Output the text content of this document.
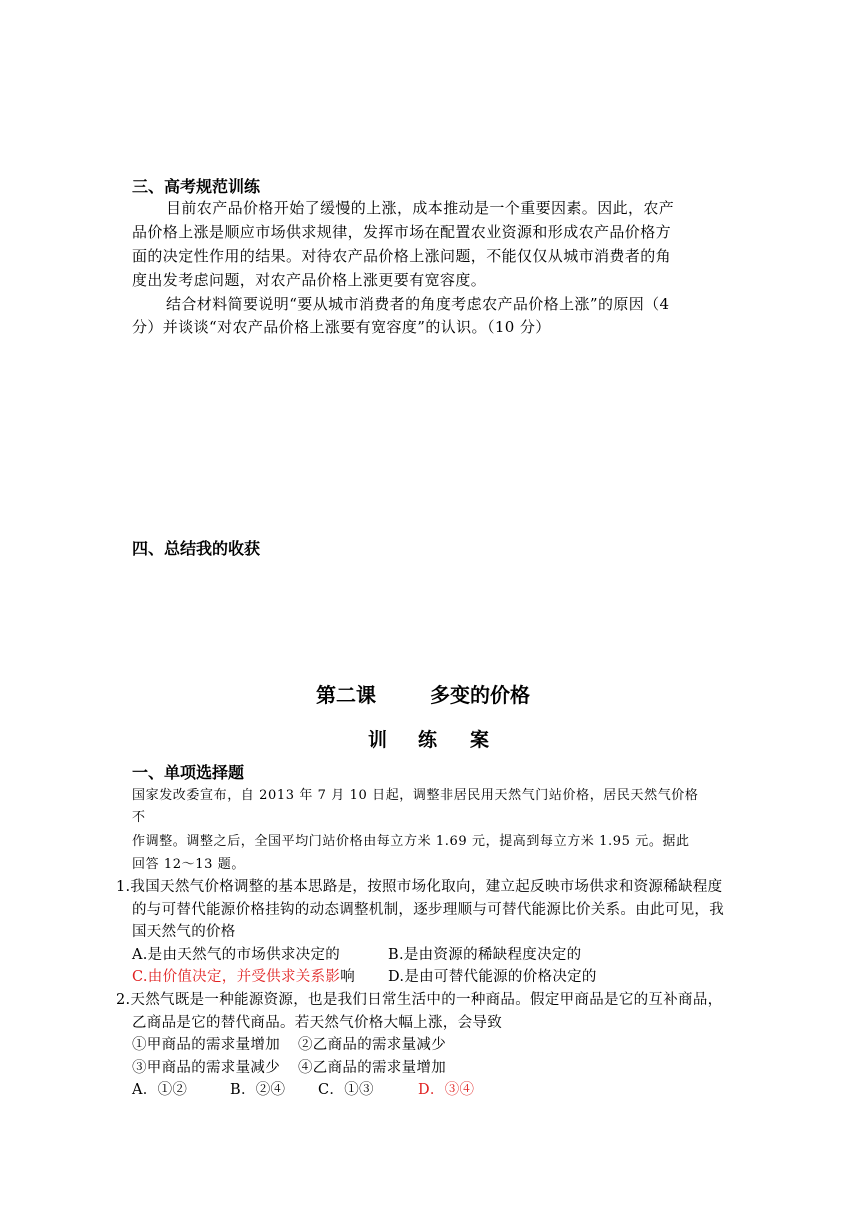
三、高考规范训练
目前农产品价格开始了缓慢的上涨，成本推动是一个重要因素。因此，农产
品价格上涨是顺应市场供求规律，发挥市场在配置农业资源和形成农产品价格方
面的决定性作用的结果。对待农产品价格上涨问题，不能仅仅从城市消费者的角
度出发考虑问题，对农产品价格上涨更要有宽容度。
结合材料简要说明“要从城市消费者的角度考虑农产品价格上涨”的原因（4
分）并谈谈“对农产品价格上涨要有宽容度”的认识。（10 分）
四、总结我的收获
第二课	多变的价格
训 练 案
一、单项选择题
国家发改委宣布，自 2013 年 7 月 10 日起，调整非居民用天然气门站价格，居民天然气价格
不
作调整。调整之后，全国平均门站价格由每立方米 1.69 元，提高到每立方米 1.95 元。据此
回答 12～13 题。
1.我国天然气价格调整的基本思路是，按照市场化取向，建立起反映市场供求和资源稀缺程度
的与可替代能源价格挂钩的动态调整机制，逐步理顺与可替代能源比价关系。由此可见，我
国天然气的价格
A.是由天然气的市场供求决定的	B.是由资源的稀缺程度决定的
C.由价值决定，并受供求关系影响 D.是由可替代能源的价格决定的
2.天然气既是一种能源资源，也是我们日常生活中的一种商品。假定甲商品是它的互补商品，
乙商品是它的替代商品。若天然气价格大幅上涨，会导致
①甲商品的需求量增加 ②乙商品的需求量减少
③甲商品的需求量减少 ④乙商品的需求量增加
A．①②	B．②④ C．①③	D．③④
